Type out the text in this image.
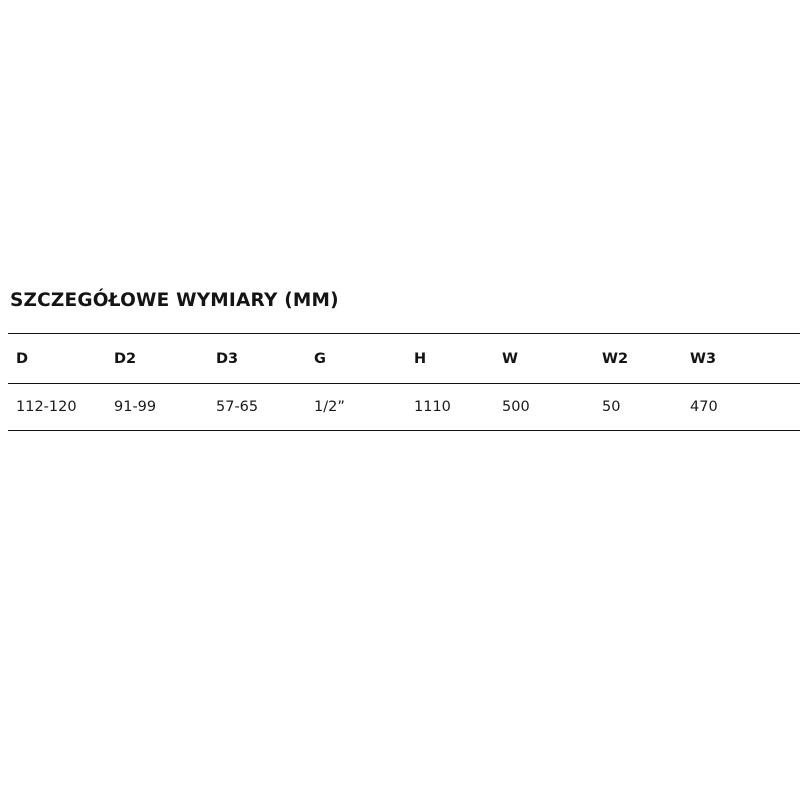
SZCZEGÓŁOWE WYMIARY (MM)
D	D2	D3	G	H	W	W2	W3
112-120	91-99	57-65	1/2”	1110	500	50	470
